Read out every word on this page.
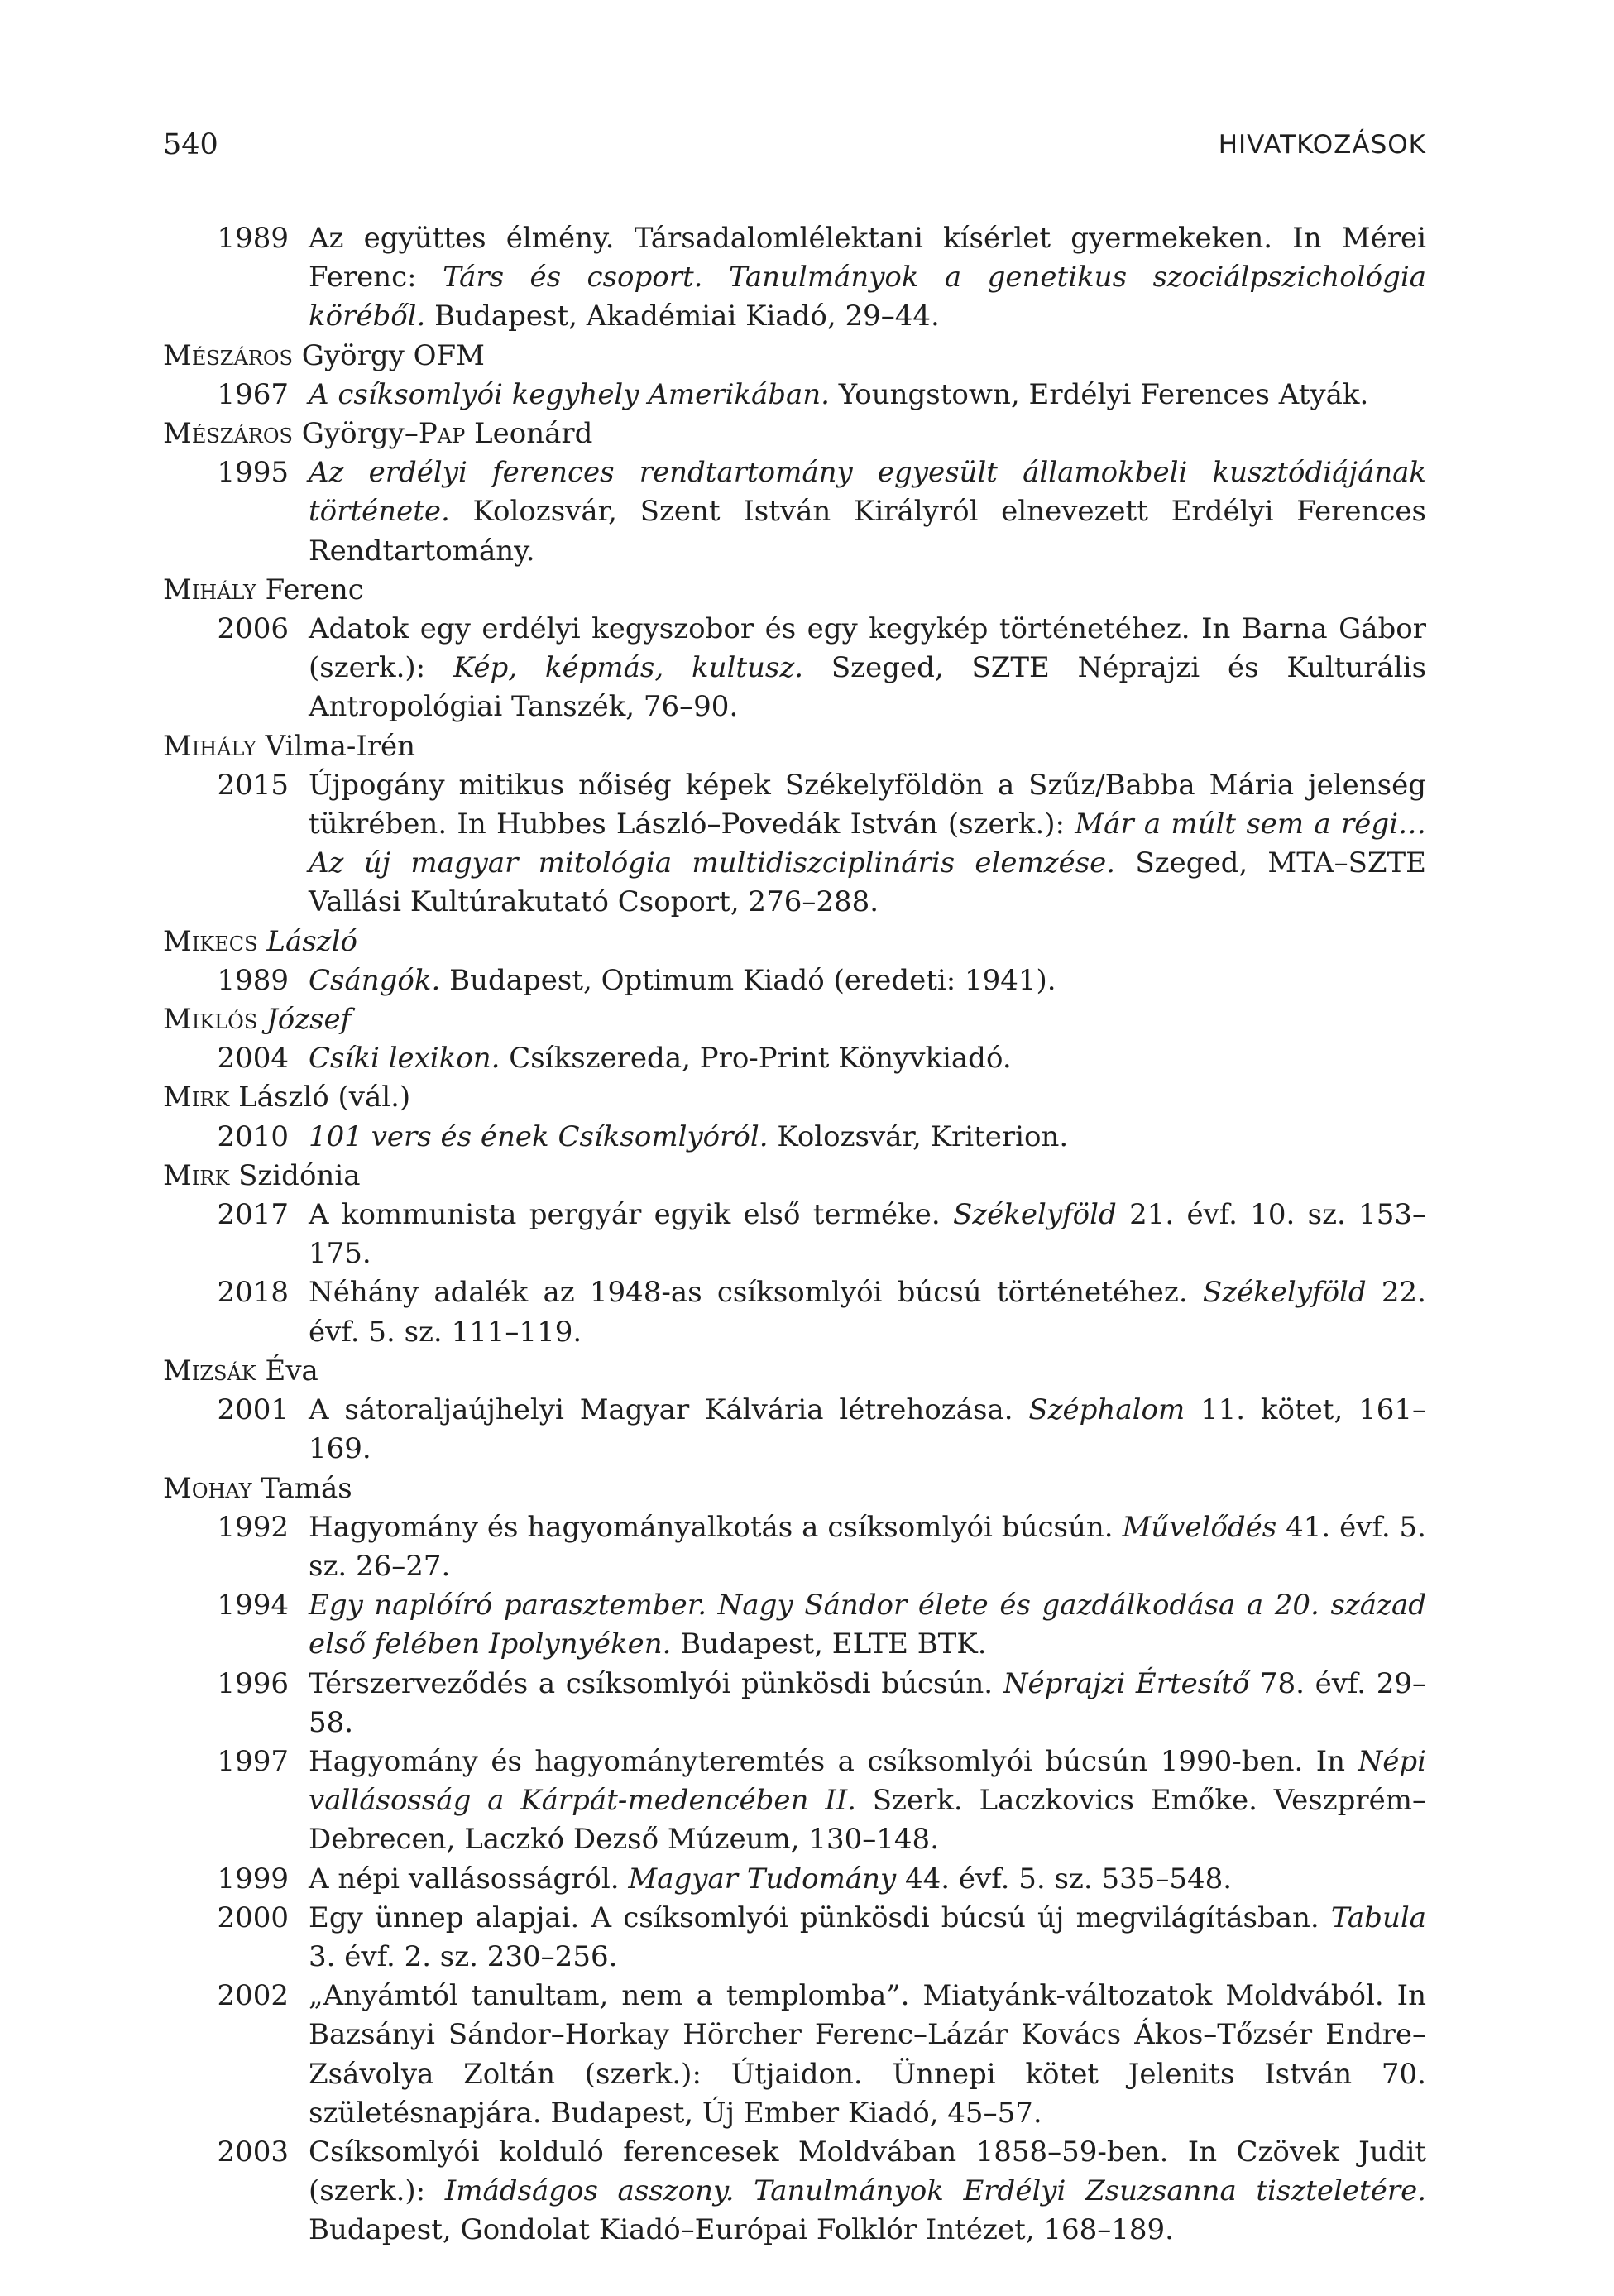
540	HIVATKOZÁSOK
1989 Az együttes élmény. Társadalomlélektani kísérlet gyermekeken. In Mérei Ferenc: Társ és csoport. Tanulmányok a genetikus szociálpszichológia köréből. Budapest, Akadémiai Kiadó, 29–44.
Mészáros György OFM
1967 A csíksomlyói kegyhely Amerikában. Youngstown, Erdélyi Ferences Atyák.
Mészáros György–Pap Leonárd
1995 Az erdélyi ferences rendtartomány egyesült államokbeli kusztódiájának története. Kolozsvár, Szent István Királyról elnevezett Erdélyi Ferences Rendtartomány.
Mihály Ferenc
2006 Adatok egy erdélyi kegyszobor és egy kegykép történetéhez. In Barna Gábor (szerk.): Kép, képmás, kultusz. Szeged, SZTE Néprajzi és Kulturális Antropológiai Tanszék, 76–90.
Mihály Vilma-Irén
2015 Újpogány mitikus nőiség képek Székelyföldön a Szűz/Babba Mária jelenség tükrében. In Hubbes László–Povedák István (szerk.): Már a múlt sem a régi… Az új magyar mitológia multidiszciplináris elemzése. Szeged, MTA–SZTE Vallási Kultúrakutató Csoport, 276–288.
Mikecs László
1989 Csángók. Budapest, Optimum Kiadó (eredeti: 1941).
Miklós József
2004 Csíki lexikon. Csíkszereda, Pro-Print Könyvkiadó.
Mirk László (vál.)
2010 101 vers és ének Csíksomlyóról. Kolozsvár, Kriterion.
Mirk Szidónia
2017 A kommunista pergyár egyik első terméke. Székelyföld 21. évf. 10. sz. 153–175.
2018 Néhány adalék az 1948-as csíksomlyói búcsú történetéhez. Székelyföld 22. évf. 5. sz. 111–119.
Mizsák Éva
2001 A sátoraljaújhelyi Magyar Kálvária létrehozása. Széphalom 11. kötet, 161–169.
Mohay Tamás
1992 Hagyomány és hagyományalkotás a csíksomlyói búcsún. Művelődés 41. évf. 5. sz. 26–27.
1994 Egy naplóíró parasztember. Nagy Sándor élete és gazdálkodása a 20. század első felében Ipolynyéken. Budapest, ELTE BTK.
1996 Térszerveződés a csíksomlyói pünkösdi búcsún. Néprajzi Értesítő 78. évf. 29–58.
1997 Hagyomány és hagyományteremtés a csíksomlyói búcsún 1990-ben. In Népi vallásosság a Kárpát-medencében II. Szerk. Laczkovics Emőke. Veszprém–Debrecen, Laczkó Dezső Múzeum, 130–148.
1999 A népi vallásosságról. Magyar Tudomány 44. évf. 5. sz. 535–548.
2000 Egy ünnep alapjai. A csíksomlyói pünkösdi búcsú új megvilágításban. Tabula 3. évf. 2. sz. 230–256.
2002 „Anyámtól tanultam, nem a templomba”. Miatyánk-változatok Moldvából. In Bazsányi Sándor–Horkay Hörcher Ferenc–Lázár Kovács Ákos–Tőzsér Endre–Zsávolya Zoltán (szerk.): Útjaidon. Ünnepi kötet Jelenits István 70. születésnapjára. Budapest, Új Ember Kiadó, 45–57.
2003 Csíksomlyói kolduló ferencesek Moldvában 1858–59-ben. In Czövek Judit (szerk.): Imádságos asszony. Tanulmányok Erdélyi Zsuzsanna tiszteletére. Budapest, Gondolat Kiadó–Európai Folklór Intézet, 168–189.
